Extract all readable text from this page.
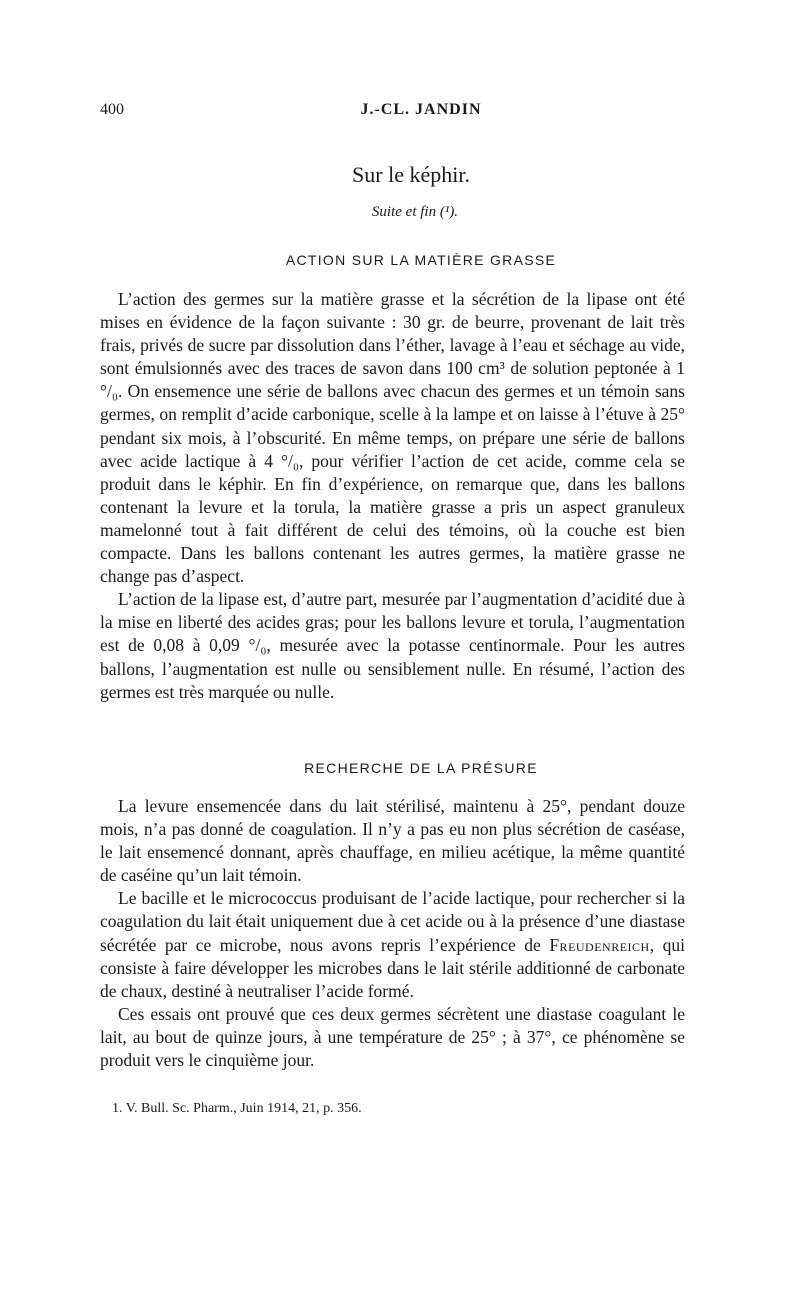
400	J.-CL. JANDIN
Sur le képhir.
Suite et fin (¹).
ACTION SUR LA MATIÈRE GRASSE

L’action des germes sur la matière grasse et la sécrétion de la lipase ont été mises en évidence de la façon suivante : 30 gr. de beurre, provenant de lait très frais, privés de sucre par dissolution dans l’éther, lavage à l’eau et séchage au vide, sont émulsionnés avec des traces de savon dans 100 cm³ de solution peptonée à 1 °/₀. On ensemence une série de ballons avec chacun des germes et un témoin sans germes, on remplit d’acide carbonique, scelle à la lampe et on laisse à l’étuve à 25° pendant six mois, à l’obscurité. En même temps, on prépare une série de ballons avec acide lactique à 4 °/₀, pour vérifier l’action de cet acide, comme cela se produit dans le képhir. En fin d’expérience, on remarque que, dans les ballons contenant la levure et la torula, la matière grasse a pris un aspect granuleux mamelonné tout à fait différent de celui des témoins, où la couche est bien compacte. Dans les ballons contenant les autres germes, la matière grasse ne change pas d’aspect.

L’action de la lipase est, d’autre part, mesurée par l’augmentation d’acidité due à la mise en liberté des acides gras; pour les ballons levure et torula, l’augmentation est de 0,08 à 0,09 °/₀, mesurée avec la potasse centinormale. Pour les autres ballons, l’augmentation est nulle ou sensiblement nulle. En résumé, l’action des germes est très marquée ou nulle.

RECHERCHE DE LA PRÉSURE

La levure ensemencée dans du lait stérilisé, maintenu à 25°, pendant douze mois, n’a pas donné de coagulation. Il n’y a pas eu non plus sécrétion de caséase, le lait ensemencé donnant, après chauffage, en milieu acétique, la même quantité de caséine qu’un lait témoin.

Le bacille et le micrococcus produisant de l’acide lactique, pour rechercher si la coagulation du lait était uniquement due à cet acide ou à la présence d’une diastase sécrétée par ce microbe, nous avons repris l’expérience de Freudenreich, qui consiste à faire développer les microbes dans le lait stérile additionné de carbonate de chaux, destiné à neutraliser l’acide formé.

Ces essais ont prouvé que ces deux germes sécrètent une diastase coagulant le lait, au bout de quinze jours, à une température de 25° ; à 37°, ce phénomène se produit vers le cinquième jour.

1. V. Bull. Sc. Pharm., Juin 1914, 21, p. 356.
